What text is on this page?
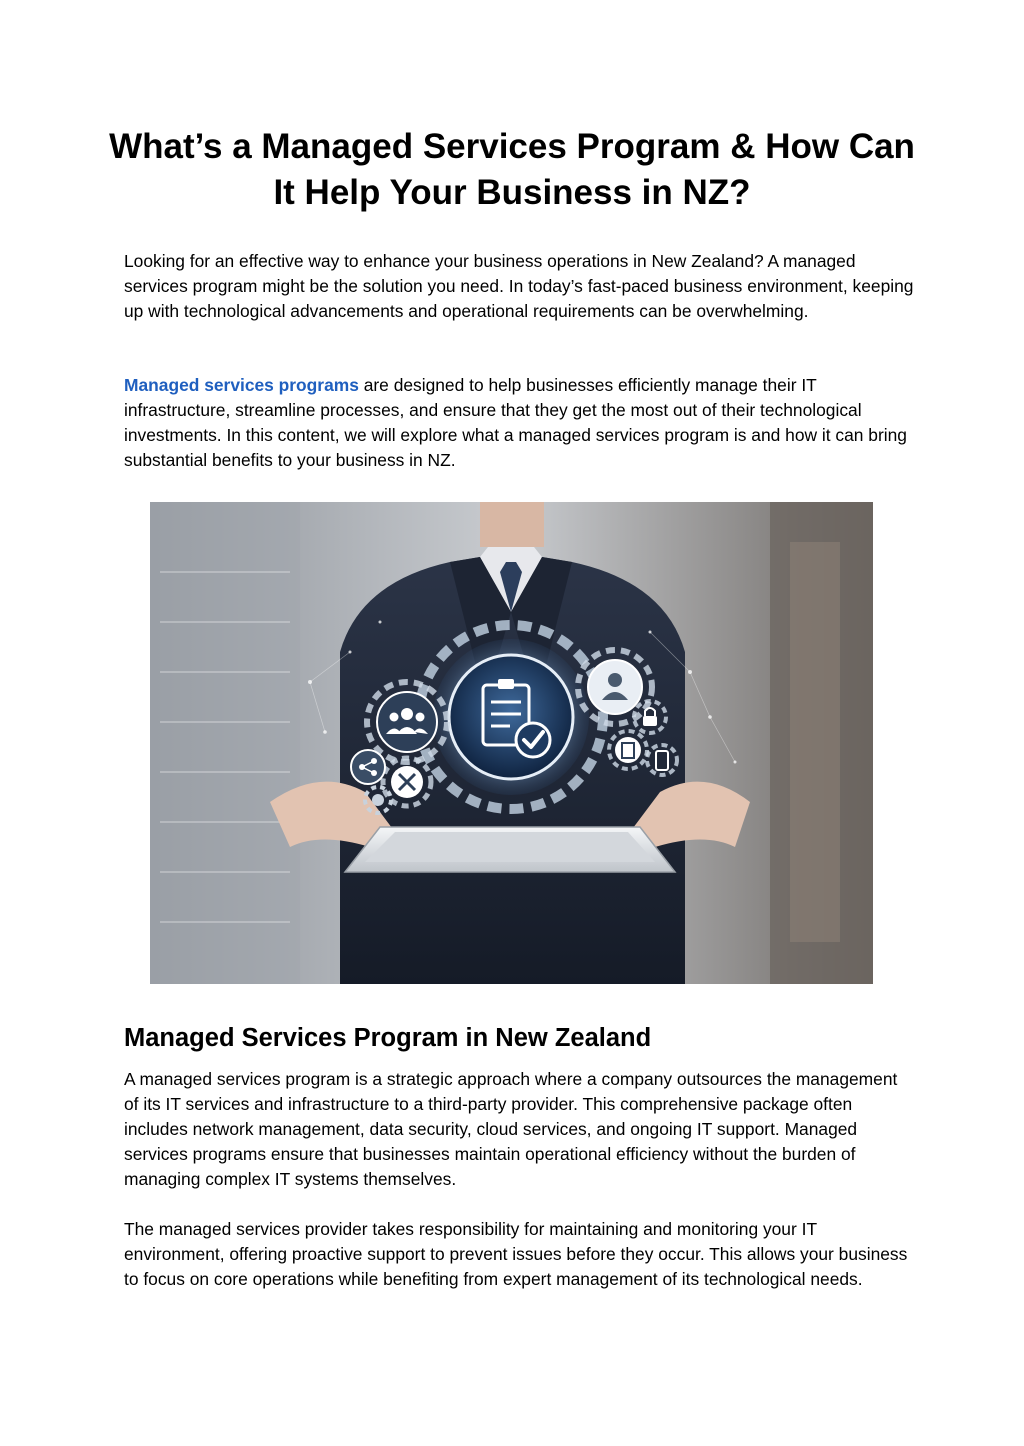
What’s a Managed Services Program & How Can It Help Your Business in NZ?

Looking for an effective way to enhance your business operations in New Zealand? A managed services program might be the solution you need. In today’s fast-paced business environment, keeping up with technological advancements and operational requirements can be overwhelming.

Managed services programs are designed to help businesses efficiently manage their IT infrastructure, streamline processes, and ensure that they get the most out of their technological investments. In this content, we will explore what a managed services program is and how it can bring substantial benefits to your business in NZ.

Managed Services Program in New Zealand

A managed services program is a strategic approach where a company outsources the management of its IT services and infrastructure to a third-party provider. This comprehensive package often includes network management, data security, cloud services, and ongoing IT support. Managed services programs ensure that businesses maintain operational efficiency without the burden of managing complex IT systems themselves.

The managed services provider takes responsibility for maintaining and monitoring your IT environment, offering proactive support to prevent issues before they occur. This allows your business to focus on core operations while benefiting from expert management of its technological needs.
